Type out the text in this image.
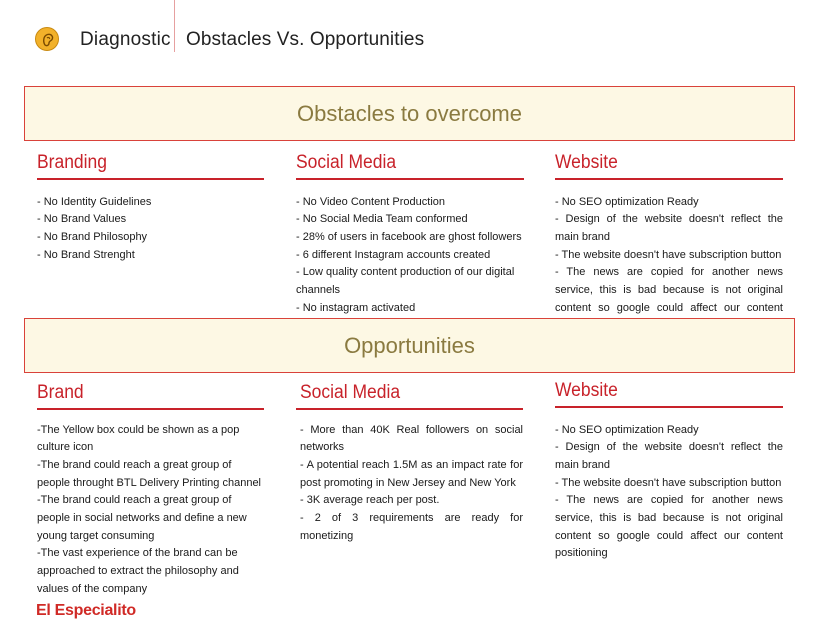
Diagnostic Obstacles Vs. Opportunities
Obstacles to overcome
Branding
- No Identity Guidelines
- No Brand Values
- No Brand Philosophy
- No Brand Strenght
Social Media
- No Video Content Production
- No Social Media Team conformed
- 28% of users in facebook are ghost followers
- 6 different Instagram accounts created
- Low quality content production of our digital channels
- No instagram activated
Website
- No SEO optimization Ready
- Design of the website doesn't reflect the main brand
- The website doesn't have subscription button
- The news are copied for another news service, this is bad because is not original content so google could affect our content
Opportunities
Brand
-The Yellow box could be shown as a pop culture icon
-The brand could reach a great group of people throught BTL Delivery Printing channel
-The brand could reach a great group of people in social networks and define a new young target consuming
-The vast experience of the brand can be approached to extract the philosophy and values of the company
Social Media
- More than 40K Real followers on social networks
- A potential reach 1.5M as an impact rate for post promoting in New Jersey and New York
- 3K average reach per post.
- 2 of 3 requirements are ready for monetizing
Website
- No SEO optimization Ready
- Design of the website doesn't reflect the main brand
- The website doesn't have subscription button
- The news are copied for another news service, this is bad because is not original content so google could affect our content positioning
El Especialito
